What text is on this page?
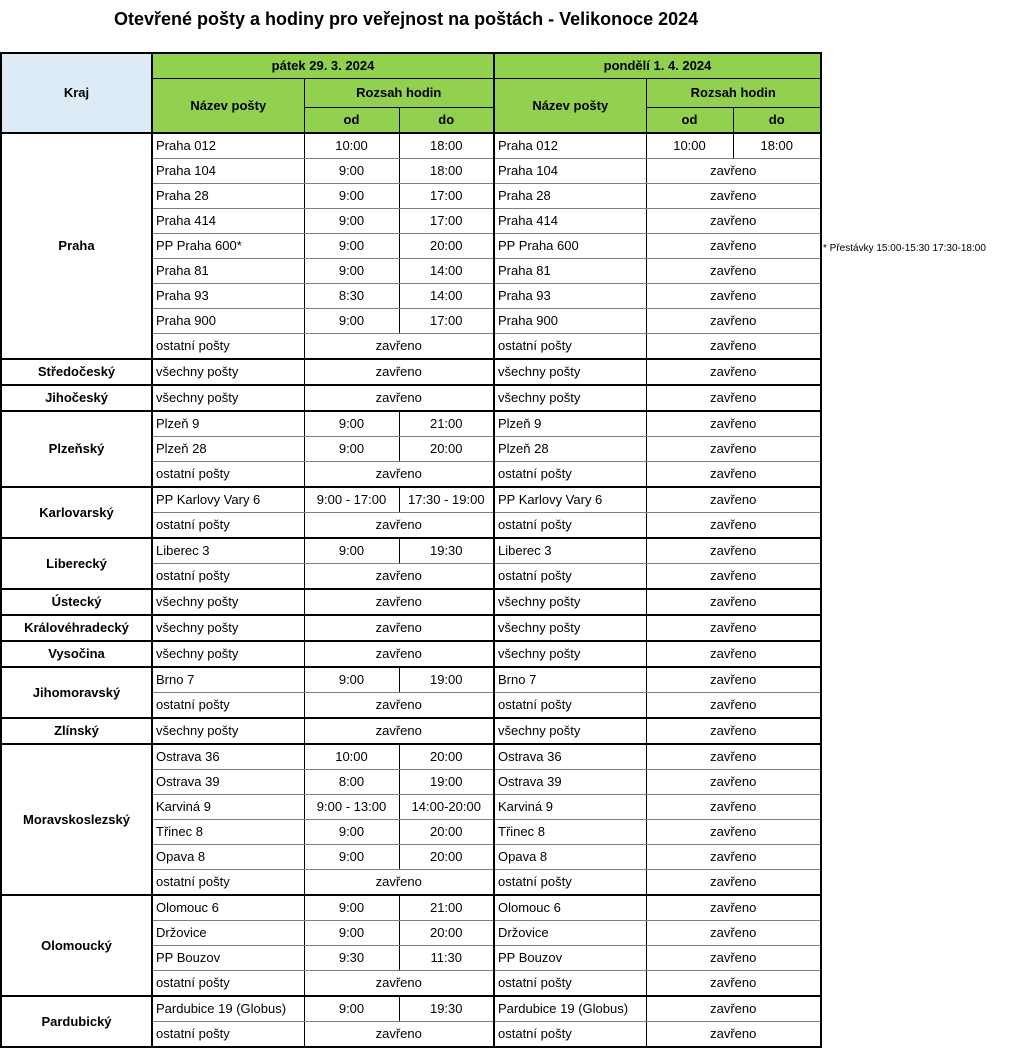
Otevřené pošty a hodiny pro veřejnost na poštách - Velikonoce 2024
Kraj	pátek 29. 3. 2024			pondělí 1. 4. 2024		
	Název pošty	Rozsah hodin		Název pošty	Rozsah hodin	
		od	do		od	do
Praha	Praha 012	10:00	18:00	Praha 012	10:00	18:00
	Praha 104	9:00	18:00	Praha 104	zavřeno	
	Praha 28	9:00	17:00	Praha 28	zavřeno	
	Praha 414	9:00	17:00	Praha 414	zavřeno	
	PP Praha 600*	9:00	20:00	PP Praha 600	zavřeno	
	Praha 81	9:00	14:00	Praha 81	zavřeno	
	Praha 93	8:30	14:00	Praha 93	zavřeno	
	Praha 900	9:00	17:00	Praha 900	zavřeno	
	ostatní pošty	zavřeno		ostatní pošty	zavřeno	
Středočeský	všechny pošty	zavřeno		všechny pošty	zavřeno	
Jihočeský	všechny pošty	zavřeno		všechny pošty	zavřeno	
Plzeňský	Plzeň 9	9:00	21:00	Plzeň 9	zavřeno	
	Plzeň 28	9:00	20:00	Plzeň 28	zavřeno	
	ostatní pošty	zavřeno		ostatní pošty	zavřeno	
Karlovarský	PP Karlovy Vary 6	9:00 - 17:00	17:30 - 19:00	PP Karlovy Vary 6	zavřeno	
	ostatní pošty	zavřeno		ostatní pošty	zavřeno	
Liberecký	Liberec 3	9:00	19:30	Liberec 3	zavřeno	
	ostatní pošty	zavřeno		ostatní pošty	zavřeno	
Ústecký	všechny pošty	zavřeno		všechny pošty	zavřeno	
Královéhradecký	všechny pošty	zavřeno		všechny pošty	zavřeno	
Vysočina	všechny pošty	zavřeno		všechny pošty	zavřeno	
Jihomoravský	Brno 7	9:00	19:00	Brno 7	zavřeno	
	ostatní pošty	zavřeno		ostatní pošty	zavřeno	
Zlínský	všechny pošty	zavřeno		všechny pošty	zavřeno	
Moravskoslezský	Ostrava 36	10:00	20:00	Ostrava 36	zavřeno	
	Ostrava 39	8:00	19:00	Ostrava 39	zavřeno	
	Karviná 9	9:00 - 13:00	14:00-20:00	Karviná 9	zavřeno	
	Třinec 8	9:00	20:00	Třinec 8	zavřeno	
	Opava 8	9:00	20:00	Opava 8	zavřeno	
	ostatní pošty	zavřeno		ostatní pošty	zavřeno	
Olomoucký	Olomouc 6	9:00	21:00	Olomouc 6	zavřeno	
	Držovice	9:00	20:00	Držovice	zavřeno	
	PP Bouzov	9:30	11:30	PP Bouzov	zavřeno	
	ostatní pošty	zavřeno		ostatní pošty	zavřeno	
Pardubický	Pardubice 19 (Globus)	9:00	19:30	Pardubice 19 (Globus)	zavřeno	
	ostatní pošty	zavřeno		ostatní pošty	zavřeno	
* Přestávky 15:00-15:30 17:30-18:00
